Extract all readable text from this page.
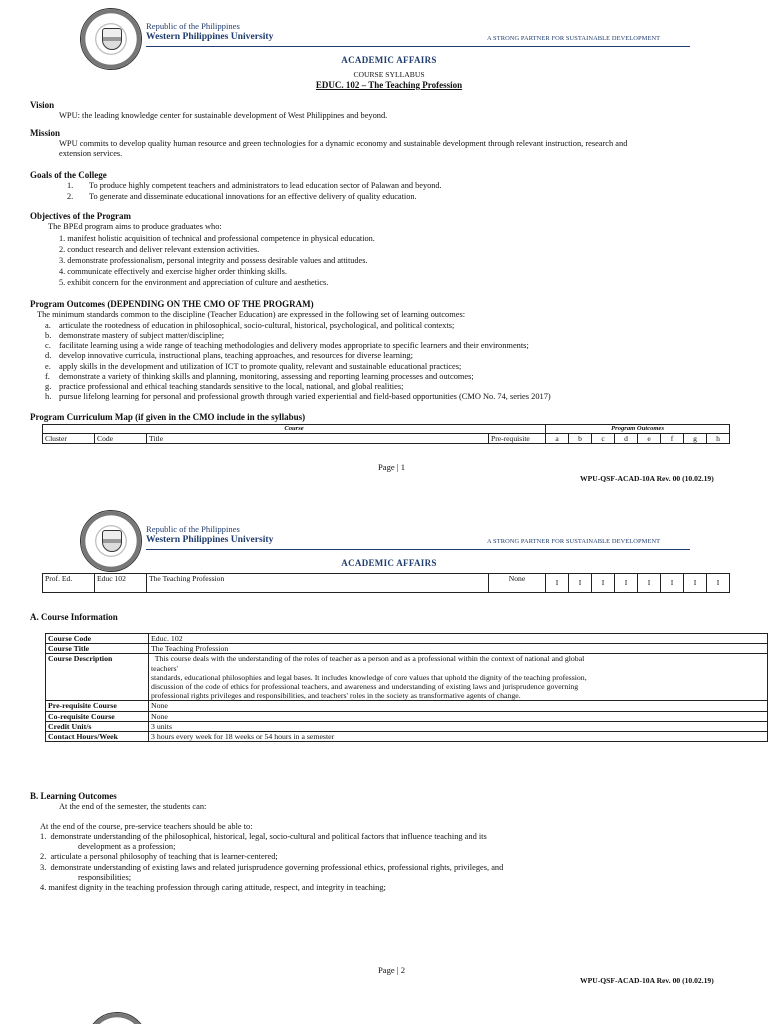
Republic of the Philippines
Western Philippines University	A STRONG PARTNER FOR SUSTAINABLE DEVELOPMENT
ACADEMIC AFFAIRS
COURSE SYLLABUS
EDUC. 102 – The Teaching Profession
Vision
WPU: the leading knowledge center for sustainable development of West Philippines and beyond.
Mission
WPU commits to develop quality human resource and green technologies for a dynamic economy and sustainable development through relevant instruction, research and
extension services.
Goals of the College
1. To produce highly competent teachers and administrators to lead education sector of Palawan and beyond.
2. To generate and disseminate educational innovations for an effective delivery of quality education.
Objectives of the Program
The BPEd program aims to produce graduates who:
1. manifest holistic acquisition of technical and professional competence in physical education.
2. conduct research and deliver relevant extension activities.
3. demonstrate professionalism, personal integrity and possess desirable values and attitudes.
4. communicate effectively and exercise higher order thinking skills.
5. exhibit concern for the environment and appreciation of culture and aesthetics.
Program Outcomes (DEPENDING ON THE CMO OF THE PROGRAM)
The minimum standards common to the discipline (Teacher Education) are expressed in the following set of learning outcomes:
a. articulate the rootedness of education in philosophical, socio-cultural, historical, psychological, and political contexts;
b. demonstrate mastery of subject matter/discipline;
c. facilitate learning using a wide range of teaching methodologies and delivery modes appropriate to specific learners and their environments;
d. develop innovative curricula, instructional plans, teaching approaches, and resources for diverse learning;
e. apply skills in the development and utilization of ICT to promote quality, relevant and sustainable educational practices;
f. demonstrate a variety of thinking skills and planning, monitoring, assessing and reporting learning processes and outcomes;
g. practice professional and ethical teaching standards sensitive to the local, national, and global realities;
h. pursue lifelong learning for personal and professional growth through varied experiential and field-based opportunities (CMO No. 74, series 2017)
Program Curriculum Map (if given in the CMO include in the syllabus)
Course				Program Outcomes							
Cluster	Code	Title	Pre-requisite	a	b	c	d	e	f	g	h
Page | 1
WPU-QSF-ACAD-10A Rev. 00 (10.02.19)
Republic of the Philippines
Western Philippines University	A STRONG PARTNER FOR SUSTAINABLE DEVELOPMENT
ACADEMIC AFFAIRS
Prof. Ed.	Educ 102	The Teaching Profession	None	I	I	I	I	I	I	I	I
A. Course Information
Course Code	Educ. 102
Course Title	The Teaching Profession
Course Description	This course deals with the understanding of the roles of teacher as a person and as a professional within the context of national and global
teachers'
standards, educational philosophies and legal bases. It includes knowledge of core values that uphold the dignity of the teaching profession,
discussion of the code of ethics for professional teachers, and awareness and understanding of existing laws and jurisprudence governing
professional rights privileges and responsibilities, and teachers' roles in the society as transformative agents of change.

Pre-requisite Course	None
Co-requisite Course	None
Credit Unit/s	3 units
Contact Hours/Week	3 hours every week for 18 weeks or 54 hours in a semester
B. Learning Outcomes
At the end of the semester, the students can:
At the end of the course, pre-service teachers should be able to:
1.  demonstrate understanding of the philosophical, historical, legal, socio-cultural and political factors that influence teaching and its
development as a profession;
2.  articulate a personal philosophy of teaching that is learner-centered;
3.  demonstrate understanding of existing laws and related jurisprudence governing professional ethics, professional rights, privileges, and
responsibilities;
4. manifest dignity in the teaching profession through caring attitude, respect, and integrity in teaching;
Page | 2
WPU-QSF-ACAD-10A Rev. 00 (10.02.19)
